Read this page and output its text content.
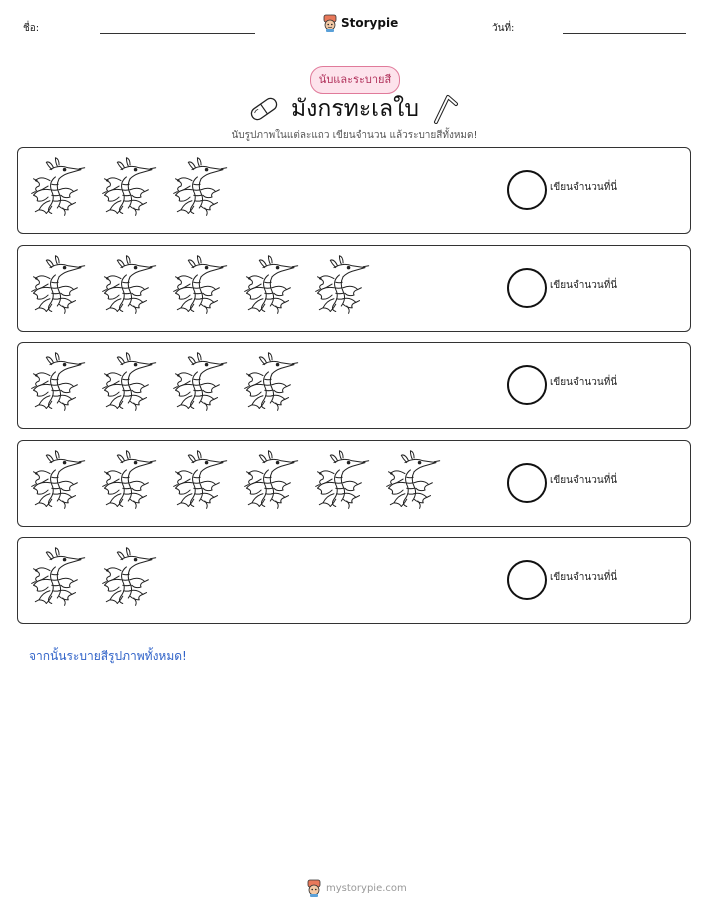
ชื่อ:	Storypie	วันที่:
นับและระบายสี
มังกรทะเลใบ
นับรูปภาพในแต่ละแถว เขียนจำนวน แล้วระบายสีทั้งหมด!
เขียนจำนวนที่นี่
เขียนจำนวนที่นี่
เขียนจำนวนที่นี่
เขียนจำนวนที่นี่
เขียนจำนวนที่นี่
จากนั้นระบายสีรูปภาพทั้งหมด!
mystorypie.com
